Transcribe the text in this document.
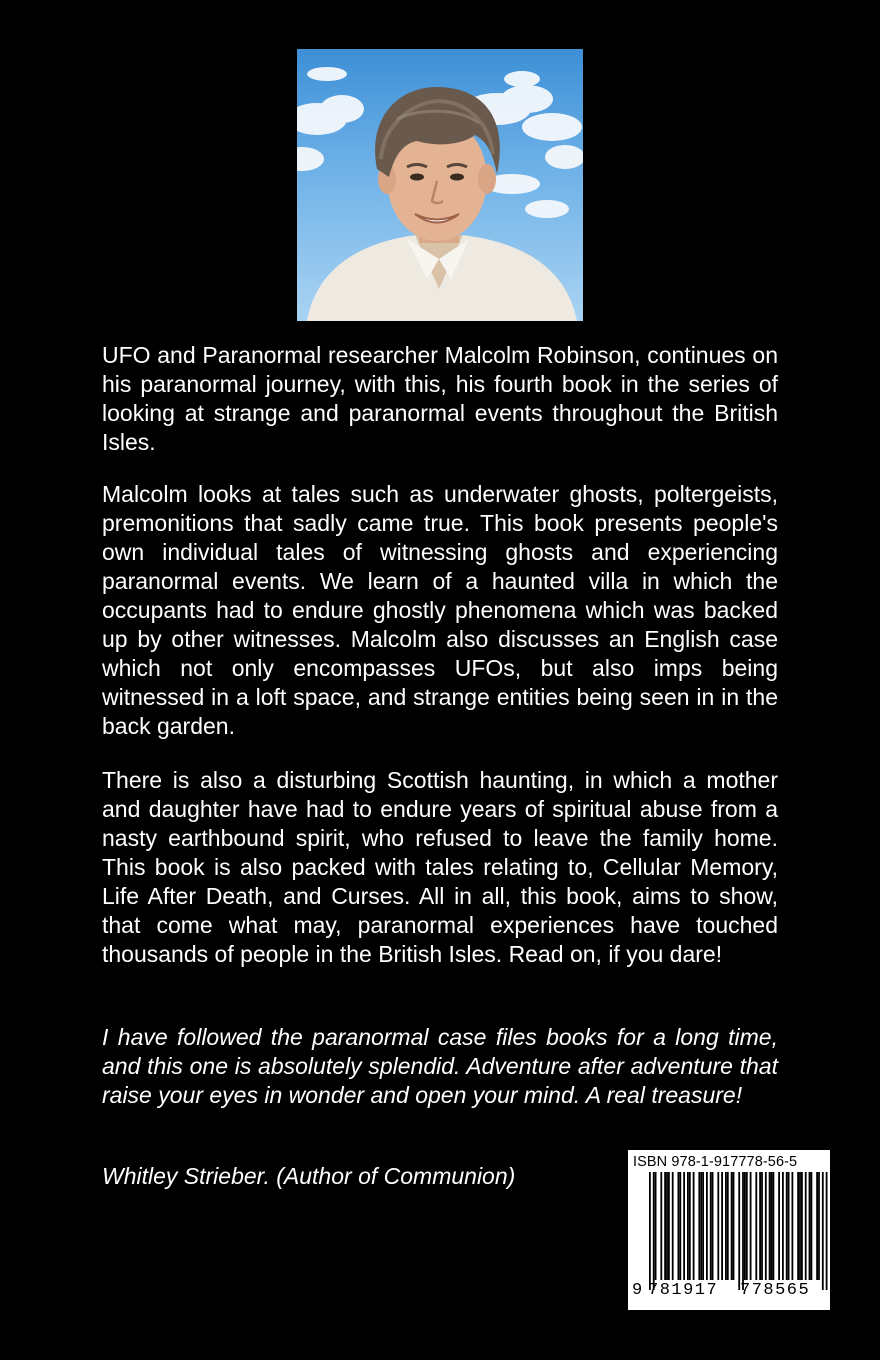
UFO and Paranormal researcher Malcolm Robinson, continues on his paranormal journey, with this, his fourth book in the series of looking at strange and paranormal events throughout the British Isles.

Malcolm looks at tales such as underwater ghosts, poltergeists, premonitions that sadly came true. This book presents people's own individual tales of witnessing ghosts and experiencing paranormal events. We learn of a haunted villa in which the occupants had to endure ghostly phenomena which was backed up by other witnesses. Malcolm also discusses an English case which not only encompasses UFOs, but also imps being witnessed in a loft space, and strange entities being seen in in the back garden.

There is also a disturbing Scottish haunting, in which a mother and daughter have had to endure years of spiritual abuse from a nasty earthbound spirit, who refused to leave the family home. This book is also packed with tales relating to, Cellular Memory, Life After Death, and Curses. All in all, this book, aims to show, that come what may, paranormal experiences have touched thousands of people in the British Isles. Read on, if you dare!

I have followed the paranormal case files books for a long time, and this one is absolutely splendid. Adventure after adventure that raise your eyes in wonder and open your mind. A real treasure!

Whitley Strieber. (Author of Communion)

ISBN 978-1-917778-56-5
9 781917 778565
